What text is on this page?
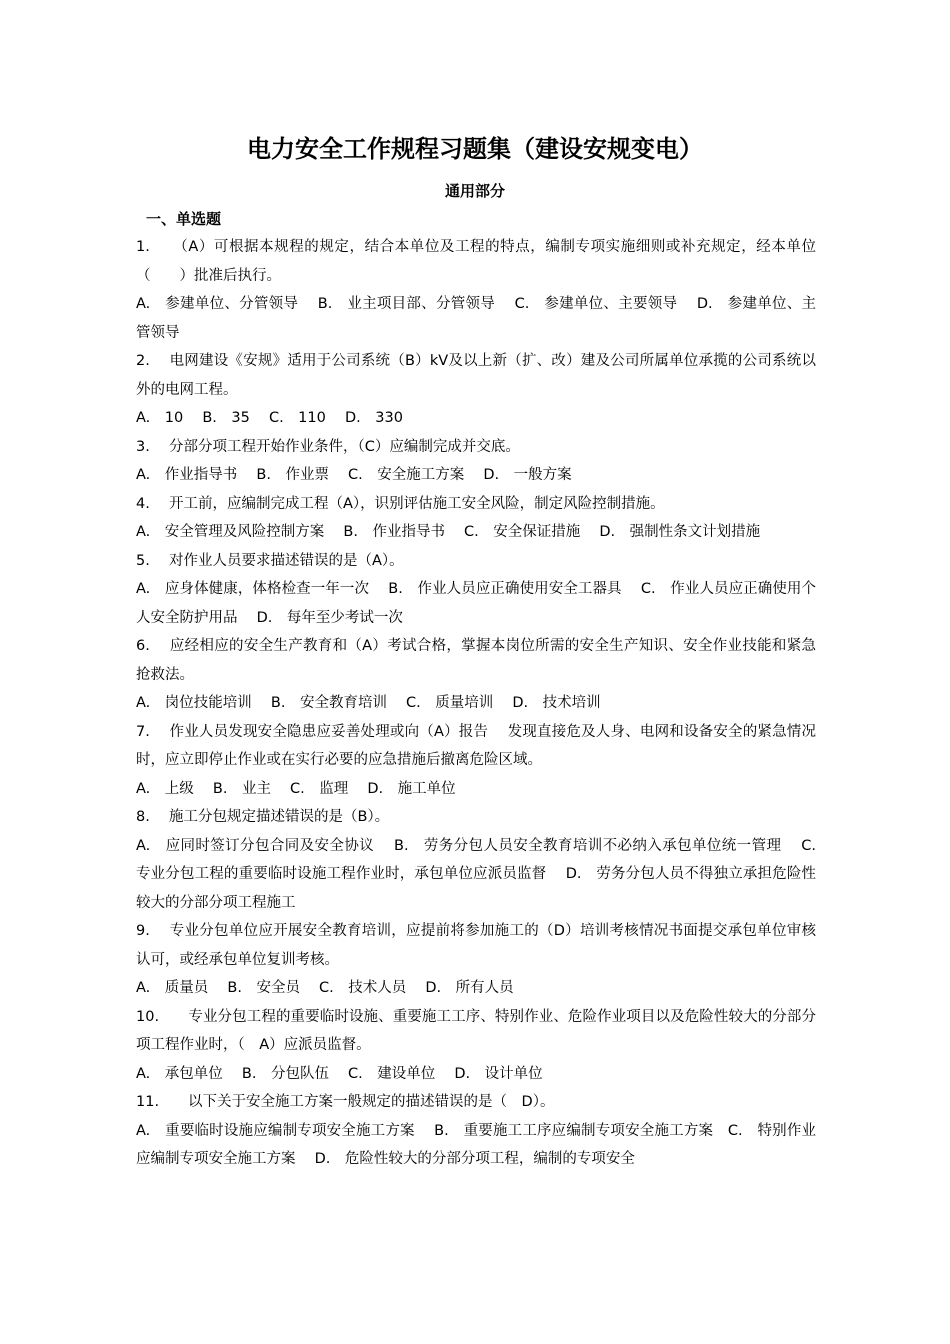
电力安全工作规程习题集（建设安规变电）
通用部分
一、单选题

1.　　（A）可根据本规程的规定，结合本单位及工程的特点，编制专项实施细则或补充规定，经本单位（　　）批准后执行。

A.　参建单位、分管领导　 B.　业主项目部、分管领导　 C.　参建单位、主要领导　 D.　参建单位、主管领导

2.　 电网建设《安规》适用于公司系统（B）kV及以上新（扩、改）建及公司所属单位承揽的公司系统以外的电网工程。

A.　10　 B.　35　 C.　110　 D.　330

3.　 分部分项工程开始作业条件，（C）应编制完成并交底。

A.　作业指导书　 B.　作业票　 C.　安全施工方案　 D.　一般方案

4.　 开工前，应编制完成工程（A），识别评估施工安全风险，制定风险控制措施。

A.　安全管理及风险控制方案　 B.　作业指导书　 C.　安全保证措施　 D.　强制性条文计划措施

5.　 对作业人员要求描述错误的是（A）。

A.　应身体健康，体格检查一年一次　 B.　作业人员应正确使用安全工器具　 C.　作业人员应正确使用个人安全防护用品　 D.　每年至少考试一次

6.　 应经相应的安全生产教育和（A）考试合格，掌握本岗位所需的安全生产知识、安全作业技能和紧急抢救法。

A.　岗位技能培训　 B.　安全教育培训　 C.　质量培训　 D.　技术培训

7.　 作业人员发现安全隐患应妥善处理或向（A）报告　 发现直接危及人身、电网和设备安全的紧急情况时，应立即停止作业或在实行必要的应急措施后撤离危险区域。

A.　上级　 B.　业主　 C.　监理　 D.　施工单位

8.　 施工分包规定描述错误的是（B）。

A.　应同时签订分包合同及安全协议　 B.　劳务分包人员安全教育培训不必纳入承包单位统一管理　 C.　专业分包工程的重要临时设施工程作业时，承包单位应派员监督　 D.　劳务分包人员不得独立承担危险性较大的分部分项工程施工

9.　 专业分包单位应开展安全教育培训，应提前将参加施工的（D）培训考核情况书面提交承包单位审核认可，或经承包单位复训考核。

A.　质量员　 B.　安全员　 C.　技术人员　 D.　所有人员

10.　　专业分包工程的重要临时设施、重要施工工序、特别作业、危险作业项目以及危险性较大的分部分项工程作业时，（　A）应派员监督。

A.　承包单位　 B.　分包队伍　 C.　建设单位　 D.　设计单位

11.　　以下关于安全施工方案一般规定的描述错误的是（　D）。

A.　重要临时设施应编制专项安全施工方案　 B.　重要施工工序应编制专项安全施工方案　C.　特别作业应编制专项安全施工方案　 D.　危险性较大的分部分项工程，编制的专项安全
